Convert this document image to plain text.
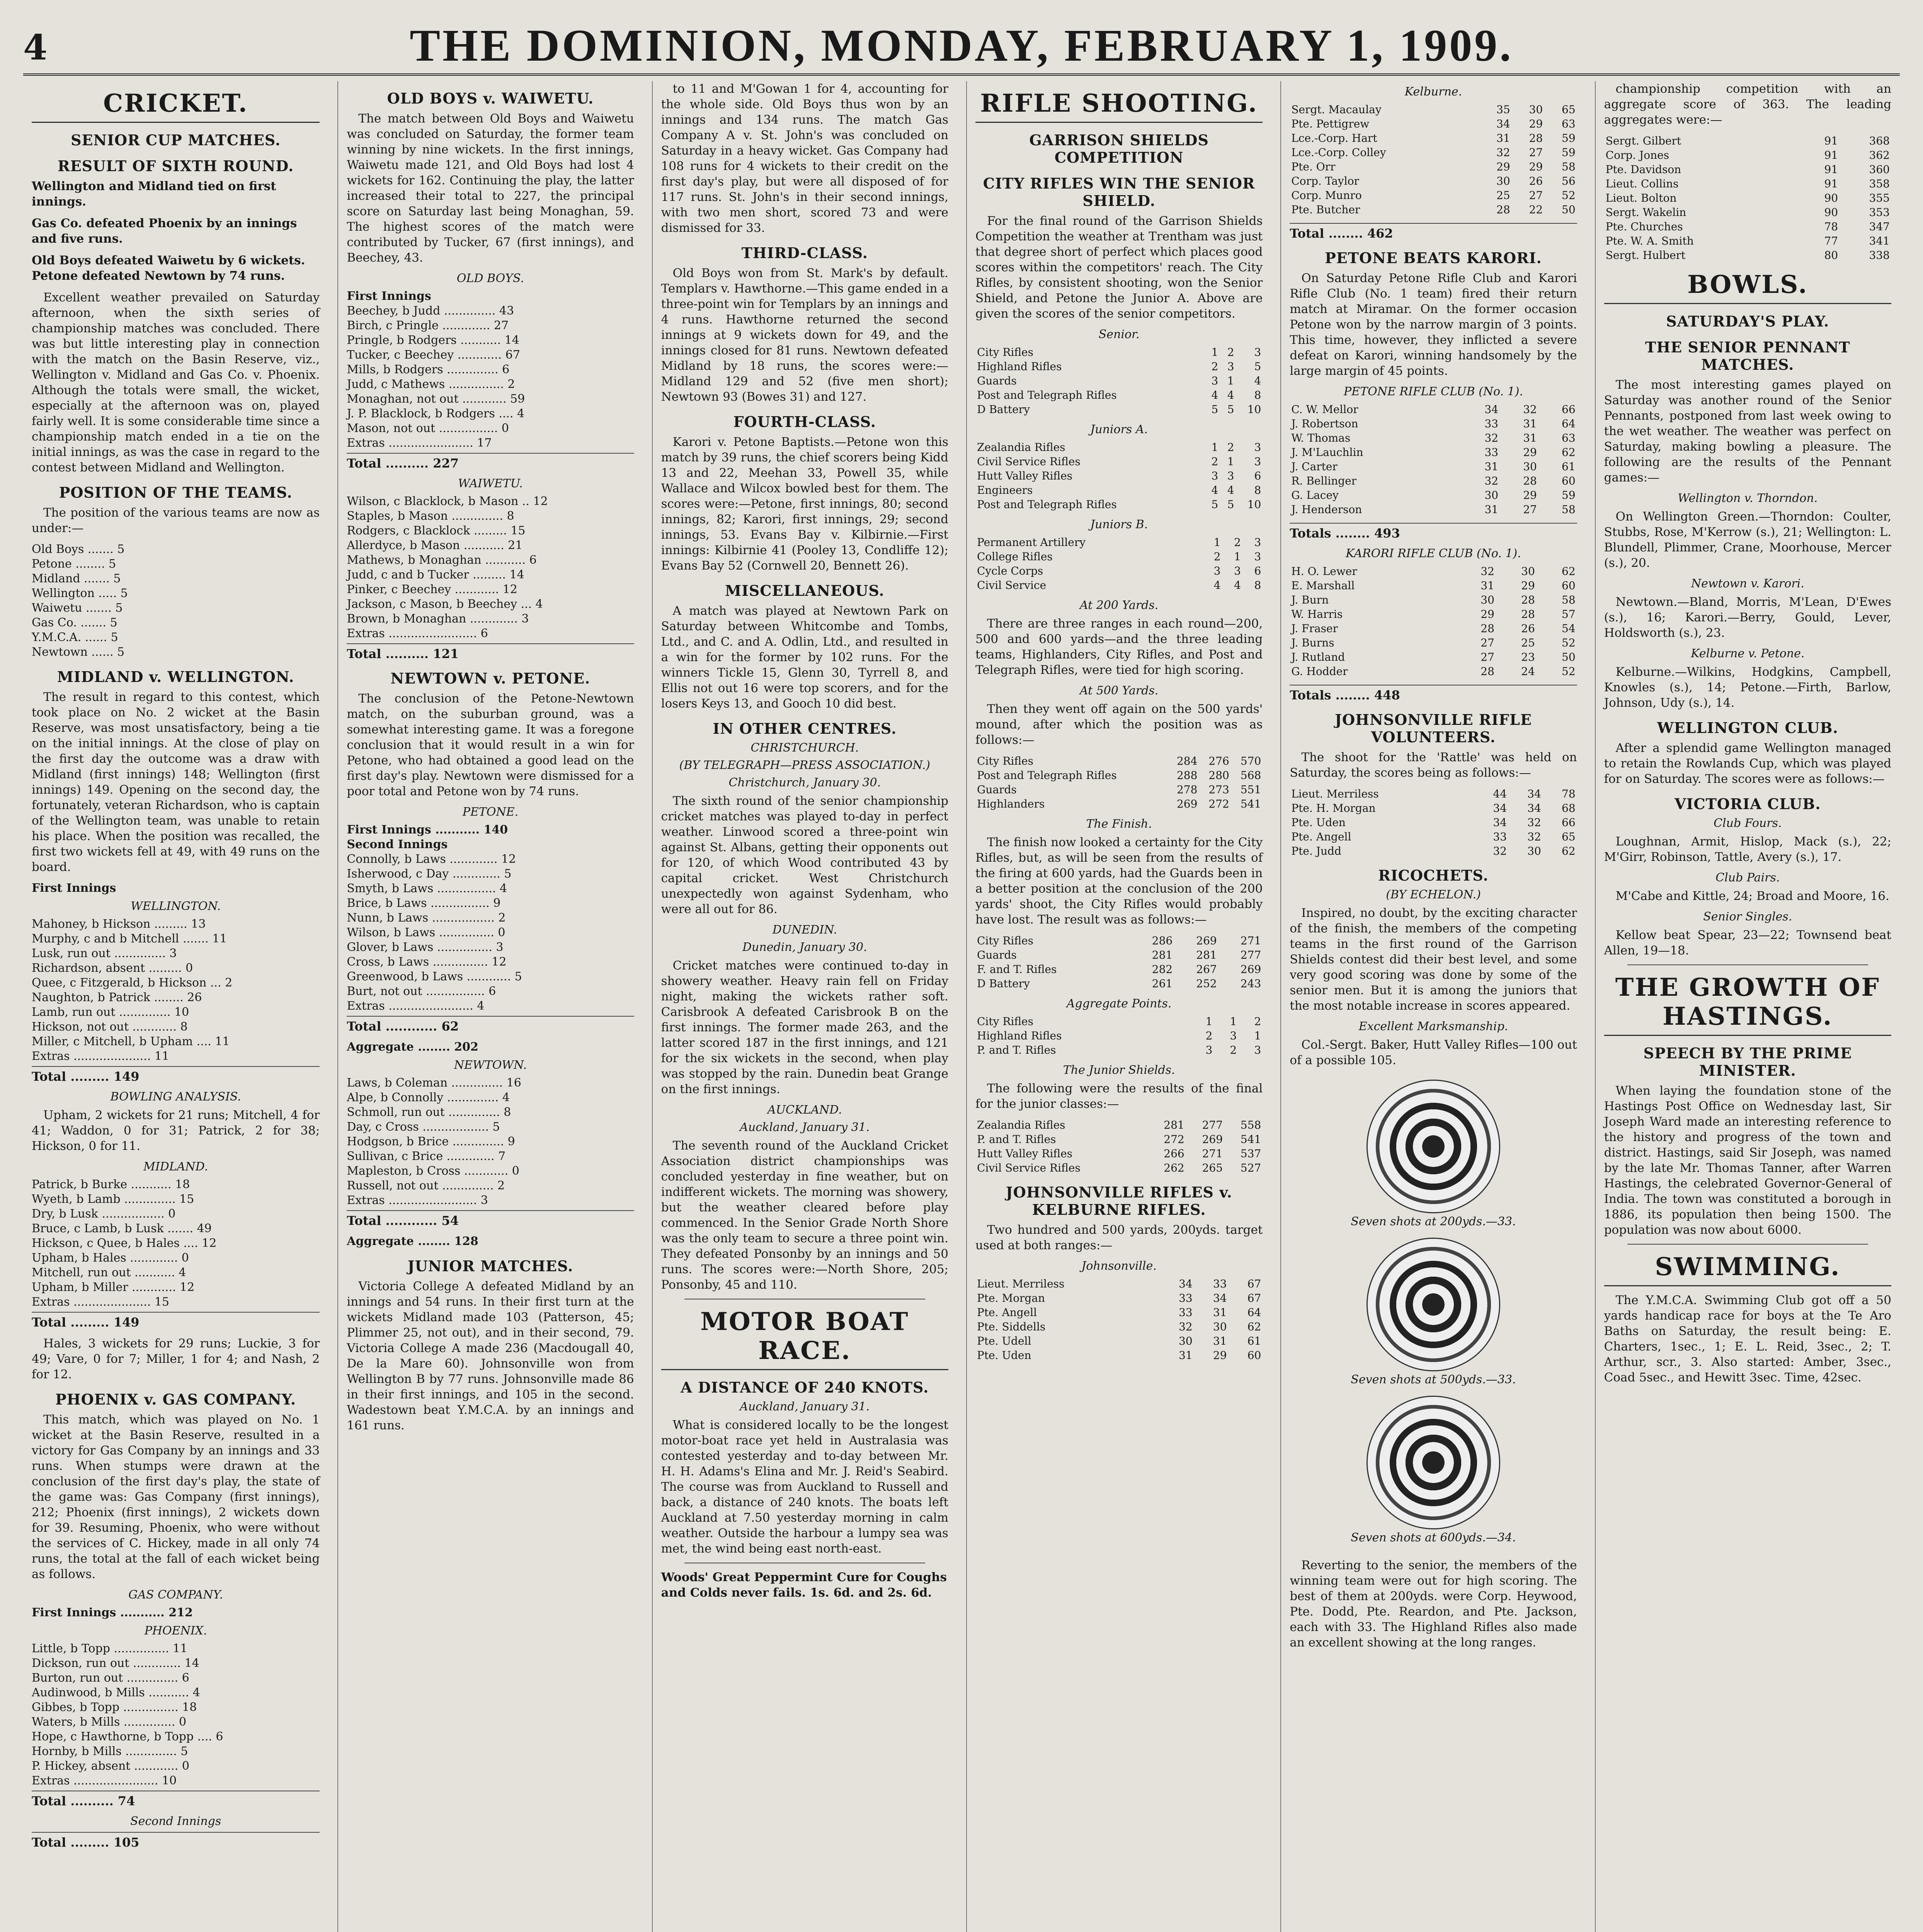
4	THE DOMINION, MONDAY, FEBRUARY 1, 1909.
CRICKET.
SENIOR CUP MATCHES.
RESULT OF SIXTH ROUND.
Wellington and Midland tied on first innings.
Gas Co. defeated Phoenix by an innings and five runs.
Old Boys defeated Waiwetu by 6 wickets. Petone defeated Newtown by 74 runs.
Excellent weather prevailed on Saturday afternoon, when the sixth series of championship matches was concluded. There was but little interesting play in connection with the match on the Basin Reserve, viz., Wellington v. Midland and Gas Co. v. Phoenix. Although the totals were small, the wicket, especially at the afternoon was on, played fairly well. It is some considerable time since a championship match ended in a tie on the initial innings, as was the case in regard to the contest between Midland and Wellington.
POSITION OF THE TEAMS.
The position of the various teams are now as under:—
Old Boys ....... 5
Petone ........ 5
Midland ....... 5
Wellington ..... 5
Waiwetu ....... 5
Gas Co. ....... 5
Y.M.C.A. ...... 5
Newtown ...... 5
MIDLAND v. WELLINGTON.
The result in regard to this contest, which took place on No. 2 wicket at the Basin Reserve, was most unsatisfactory, being a tie on the initial innings. At the close of play on the first day the outcome was a draw with Midland (first innings) 148; Wellington (first innings) 149. Opening on the second day, the fortunately, veteran Richardson, who is captain of the Wellington team, was unable to retain his place. When the position was recalled, the first two wickets fell at 49, with 49 runs on the board.
First Innings
WELLINGTON.
Mahoney, b Hickson ......... 13
Murphy, c and b Mitchell ....... 11
Lusk, run out .............. 3
Richardson, absent ......... 0
Quee, c Fitzgerald, b Hickson ... 2
Naughton, b Patrick ........ 26
Lamb, run out .............. 10
Hickson, not out ............ 8
Miller, c Mitchell, b Upham .... 11
Extras ..................... 11
Total ......... 149
BOWLING ANALYSIS.
Upham, 2 wickets for 21 runs; Mitchell, 4 for 41; Waddon, 0 for 31; Patrick, 2 for 38; Hickson, 0 for 11.
MIDLAND.
Patrick, b Burke ........... 18
Wyeth, b Lamb .............. 15
Dry, b Lusk ................. 0
Bruce, c Lamb, b Lusk ....... 49
Hickson, c Quee, b Hales .... 12
Upham, b Hales ............. 0
Mitchell, run out ........... 4
Upham, b Miller ............ 12
Extras ..................... 15
Total ......... 149
Hales, 3 wickets for 29 runs; Luckie, 3 for 49; Vare, 0 for 7; Miller, 1 for 4; and Nash, 2 for 12.
PHOENIX v. GAS COMPANY.
This match, which was played on No. 1 wicket at the Basin Reserve, resulted in a victory for Gas Company by an innings and 33 runs. When stumps were drawn at the conclusion of the first day's play, the state of the game was: Gas Company (first innings), 212; Phoenix (first innings), 2 wickets down for 39. Resuming, Phoenix, who were without the services of C. Hickey, made in all only 74 runs, the total at the fall of each wicket being as follows.
GAS COMPANY.
First Innings ........... 212
PHOENIX.
Little, b Topp ............... 11
Dickson, run out ............. 14
Burton, run out .............. 6
Audinwood, b Mills ........... 4
Gibbes, b Topp ............... 18
Waters, b Mills .............. 0
Hope, c Hawthorne, b Topp .... 6
Hornby, b Mills .............. 5
P. Hickey, absent ............ 0
Extras ....................... 10
Total .......... 74
Second Innings
Total ......... 105
OLD BOYS v. WAIWETU.
The match between Old Boys and Waiwetu was concluded on Saturday, the former team winning by nine wickets. In the first innings, Waiwetu made 121, and Old Boys had lost 4 wickets for 162. Continuing the play, the latter increased their total to 227, the principal score on Saturday last being Monaghan, 59. The highest scores of the match were contributed by Tucker, 67 (first innings), and Beechey, 43.
OLD BOYS.
First Innings
Beechey, b Judd .............. 43
Birch, c Pringle ............. 27
Pringle, b Rodgers ........... 14
Tucker, c Beechey ............ 67
Mills, b Rodgers .............. 6
Judd, c Mathews ............... 2
Monaghan, not out ............ 59
J. P. Blacklock, b Rodgers .... 4
Mason, not out ................ 0
Extras ....................... 17
Total .......... 227
WAIWETU.
Wilson, c Blacklock, b Mason .. 12
Staples, b Mason .............. 8
Rodgers, c Blacklock ......... 15
Allerdyce, b Mason ........... 21
Mathews, b Monaghan ........... 6
Judd, c and b Tucker ......... 14
Pinker, c Beechey ............ 12
Jackson, c Mason, b Beechey ... 4
Brown, b Monaghan ............. 3
Extras ........................ 6
Total .......... 121
NEWTOWN v. PETONE.
The conclusion of the Petone-Newtown match, on the suburban ground, was a somewhat interesting game. It was a foregone conclusion that it would result in a win for Petone, who had obtained a good lead on the first day's play. Newtown were dismissed for a poor total and Petone won by 74 runs.
PETONE.
First Innings ........... 140
Second Innings
Connolly, b Laws ............. 12
Isherwood, c Day ............. 5
Smyth, b Laws ................ 4
Brice, b Laws ................ 9
Nunn, b Laws ................. 2
Wilson, b Laws ............... 0
Glover, b Laws ............... 3
Cross, b Laws ............... 12
Greenwood, b Laws ............ 5
Burt, not out ................ 6
Extras ....................... 4
Total ............ 62
Aggregate ........ 202
NEWTOWN.
Laws, b Coleman .............. 16
Alpe, b Connolly .............. 4
Schmoll, run out .............. 8
Day, c Cross .................. 5
Hodgson, b Brice .............. 9
Sullivan, c Brice ............. 7
Mapleston, b Cross ............ 0
Russell, not out .............. 2
Extras ........................ 3
Total ............ 54
Aggregate ........ 128
JUNIOR MATCHES.
Victoria College A defeated Midland by an innings and 54 runs. In their first turn at the wickets Midland made 103 (Patterson, 45; Plimmer 25, not out), and in their second, 79. Victoria College A made 236 (Macdougall 40, De la Mare 60). Johnsonville won from Wellington B by 77 runs. Johnsonville made 86 in their first innings, and 105 in the second. Wadestown beat Y.M.C.A. by an innings and 161 runs.
to 11 and M'Gowan 1 for 4, accounting for the whole side. Old Boys thus won by an innings and 134 runs. The match Gas Company A v. St. John's was concluded on Saturday in a heavy wicket. Gas Company had 108 runs for 4 wickets to their credit on the first day's play, but were all disposed of for 117 runs. St. John's in their second innings, with two men short, scored 73 and were dismissed for 33.
THIRD-CLASS.
Old Boys won from St. Mark's by default. Templars v. Hawthorne.—This game ended in a three-point win for Templars by an innings and 4 runs. Hawthorne returned the second innings at 9 wickets down for 49, and the innings closed for 81 runs. Newtown defeated Midland by 18 runs, the scores were:—Midland 129 and 52 (five men short); Newtown 93 (Bowes 31) and 127.
FOURTH-CLASS.
Karori v. Petone Baptists.—Petone won this match by 39 runs, the chief scorers being Kidd 13 and 22, Meehan 33, Powell 35, while Wallace and Wilcox bowled best for them. The scores were:—Petone, first innings, 80; second innings, 82; Karori, first innings, 29; second innings, 53. Evans Bay v. Kilbirnie.—First innings: Kilbirnie 41 (Pooley 13, Condliffe 12); Evans Bay 52 (Cornwell 20, Bennett 26).
MISCELLANEOUS.
A match was played at Newtown Park on Saturday between Whitcombe and Tombs, Ltd., and C. and A. Odlin, Ltd., and resulted in a win for the former by 102 runs. For the winners Tickle 15, Glenn 30, Tyrrell 8, and Ellis not out 16 were top scorers, and for the losers Keys 13, and Gooch 10 did best.
IN OTHER CENTRES.
CHRISTCHURCH.
(BY TELEGRAPH—PRESS ASSOCIATION.)
Christchurch, January 30.
The sixth round of the senior championship cricket matches was played to-day in perfect weather. Linwood scored a three-point win against St. Albans, getting their opponents out for 120, of which Wood contributed 43 by capital cricket. West Christchurch unexpectedly won against Sydenham, who were all out for 86.
DUNEDIN.
Dunedin, January 30.
Cricket matches were continued to-day in showery weather. Heavy rain fell on Friday night, making the wickets rather soft. Carisbrook A defeated Carisbrook B on the first innings. The former made 263, and the latter scored 187 in the first innings, and 121 for the six wickets in the second, when play was stopped by the rain. Dunedin beat Grange on the first innings.
AUCKLAND.
Auckland, January 31.
The seventh round of the Auckland Cricket Association district championships was concluded yesterday in fine weather, but on indifferent wickets. The morning was showery, but the weather cleared before play commenced. In the Senior Grade North Shore was the only team to secure a three point win. They defeated Ponsonby by an innings and 50 runs. The scores were:—North Shore, 205; Ponsonby, 45 and 110.
MOTOR BOAT RACE.
A DISTANCE OF 240 KNOTS.
Auckland, January 31.
What is considered locally to be the longest motor-boat race yet held in Australasia was contested yesterday and to-day between Mr. H. H. Adams's Elina and Mr. J. Reid's Seabird. The course was from Auckland to Russell and back, a distance of 240 knots. The boats left Auckland at 7.50 yesterday morning in calm weather. Outside the harbour a lumpy sea was met, the wind being east north-east.
Woods' Great Peppermint Cure for Coughs and Colds never fails. 1s. 6d. and 2s. 6d.
RIFLE SHOOTING.
GARRISON SHIELDS COMPETITION
CITY RIFLES WIN THE SENIOR SHIELD.
For the final round of the Garrison Shields Competition the weather at Trentham was just that degree short of perfect which places good scores within the competitors' reach. The City Rifles, by consistent shooting, won the Senior Shield, and Petone the Junior A. Above are given the scores of the senior competitors.
Senior.
City Rifles	1	2	3
Highland Rifles	2	3	5
Guards	3	1	4
Post and Telegraph Rifles	4	4	8
D Battery	5	5	10
Juniors A.
Zealandia Rifles	1	2	3
Civil Service Rifles	2	1	3
Hutt Valley Rifles	3	3	6
Engineers	4	4	8
Post and Telegraph Rifles	5	5	10
Juniors B.
Permanent Artillery	1	2	3
College Rifles	2	1	3
Cycle Corps	3	3	6
Civil Service	4	4	8
At 200 Yards.
There are three ranges in each round—200, 500 and 600 yards—and the three leading teams, Highlanders, City Rifles, and Post and Telegraph Rifles, were tied for high scoring.
At 500 Yards.
Then they went off again on the 500 yards' mound, after which the position was as follows:—
City Rifles	284	276	570
Post and Telegraph Rifles	288	280	568
Guards	278	273	551
Highlanders	269	272	541
The Finish.
The finish now looked a certainty for the City Rifles, but, as will be seen from the results of the firing at 600 yards, had the Guards been in a better position at the conclusion of the 200 yards' shoot, the City Rifles would probably have lost. The result was as follows:—
City Rifles	286	269	271
Guards	281	281	277
F. and T. Rifles	282	267	269
D Battery	261	252	243
Aggregate Points.
City Rifles	1	1	2
Highland Rifles	2	3	1
P. and T. Rifles	3	2	3
The Junior Shields.
The following were the results of the final for the junior classes:—
Zealandia Rifles	281	277	558
P. and T. Rifles	272	269	541
Hutt Valley Rifles	266	271	537
Civil Service Rifles	262	265	527
JOHNSONVILLE RIFLES v. KELBURNE RIFLES.
Two hundred and 500 yards, 200yds. target used at both ranges:—
Johnsonville.
Lieut. Merriless	34	33	67
Pte. Morgan	33	34	67
Pte. Angell	33	31	64
Pte. Siddells	32	30	62
Pte. Udell	30	31	61
Pte. Uden	31	29	60
Kelburne.
Sergt. Macaulay	35	30	65
Pte. Pettigrew	34	29	63
Lce.-Corp. Hart	31	28	59
Lce.-Corp. Colley	32	27	59
Pte. Orr	29	29	58
Corp. Taylor	30	26	56
Corp. Munro	25	27	52
Pte. Butcher	28	22	50
Total ........ 462
PETONE BEATS KARORI.
On Saturday Petone Rifle Club and Karori Rifle Club (No. 1 team) fired their return match at Miramar. On the former occasion Petone won by the narrow margin of 3 points. This time, however, they inflicted a severe defeat on Karori, winning handsomely by the large margin of 45 points.
PETONE RIFLE CLUB (No. 1).
C. W. Mellor	34	32	66
J. Robertson	33	31	64
W. Thomas	32	31	63
J. M'Lauchlin	33	29	62
J. Carter	31	30	61
R. Bellinger	32	28	60
G. Lacey	30	29	59
J. Henderson	31	27	58
Totals ........ 493
KARORI RIFLE CLUB (No. 1).
H. O. Lewer	32	30	62
E. Marshall	31	29	60
J. Burn	30	28	58
W. Harris	29	28	57
J. Fraser	28	26	54
J. Burns	27	25	52
J. Rutland	27	23	50
G. Hodder	28	24	52
Totals ........ 448
JOHNSONVILLE RIFLE VOLUNTEERS.
The shoot for the 'Rattle' was held on Saturday, the scores being as follows:—
Lieut. Merriless	44	34	78
Pte. H. Morgan	34	34	68
Pte. Uden	34	32	66
Pte. Angell	33	32	65
Pte. Judd	32	30	62
RICOCHETS.
(BY ECHELON.)
Inspired, no doubt, by the exciting character of the finish, the members of the competing teams in the first round of the Garrison Shields contest did their best level, and some very good scoring was done by some of the senior men. But it is among the juniors that the most notable increase in scores appeared.
Excellent Marksmanship.
Col.-Sergt. Baker, Hutt Valley Rifles—100 out of a possible 105.
Seven shots at 200yds.—33.
Seven shots at 500yds.—33.
Seven shots at 600yds.—34.
Reverting to the senior, the members of the winning team were out for high scoring. The best of them at 200yds. were Corp. Heywood, Pte. Dodd, Pte. Reardon, and Pte. Jackson, each with 33. The Highland Rifles also made an excellent showing at the long ranges.
championship competition with an aggregate score of 363. The leading aggregates were:—
Sergt. Gilbert	91	368
Corp. Jones	91	362
Pte. Davidson	91	360
Lieut. Collins	91	358
Lieut. Bolton	90	355
Sergt. Wakelin	90	353
Pte. Churches	78	347
Pte. W. A. Smith	77	341
Sergt. Hulbert	80	338
BOWLS.
SATURDAY'S PLAY.
THE SENIOR PENNANT MATCHES.
The most interesting games played on Saturday was another round of the Senior Pennants, postponed from last week owing to the wet weather. The weather was perfect on Saturday, making bowling a pleasure. The following are the results of the Pennant games:—
Wellington v. Thorndon.
On Wellington Green.—Thorndon: Coulter, Stubbs, Rose, M'Kerrow (s.), 21; Wellington: L. Blundell, Plimmer, Crane, Moorhouse, Mercer (s.), 20.
Newtown v. Karori.
Newtown.—Bland, Morris, M'Lean, D'Ewes (s.), 16; Karori.—Berry, Gould, Lever, Holdsworth (s.), 23.
Kelburne v. Petone.
Kelburne.—Wilkins, Hodgkins, Campbell, Knowles (s.), 14; Petone.—Firth, Barlow, Johnson, Udy (s.), 14.
WELLINGTON CLUB.
After a splendid game Wellington managed to retain the Rowlands Cup, which was played for on Saturday. The scores were as follows:—
VICTORIA CLUB.
Club Fours.
Loughnan, Armit, Hislop, Mack (s.), 22; M'Girr, Robinson, Tattle, Avery (s.), 17.
Club Pairs.
M'Cabe and Kittle, 24; Broad and Moore, 16.
Senior Singles.
Kellow beat Spear, 23—22; Townsend beat Allen, 19—18.
THE GROWTH OF HASTINGS.
SPEECH BY THE PRIME MINISTER.
When laying the foundation stone of the Hastings Post Office on Wednesday last, Sir Joseph Ward made an interesting reference to the history and progress of the town and district. Hastings, said Sir Joseph, was named by the late Mr. Thomas Tanner, after Warren Hastings, the celebrated Governor-General of India. The town was constituted a borough in 1886, its population then being 1500. The population was now about 6000.
SWIMMING.
The Y.M.C.A. Swimming Club got off a 50 yards handicap race for boys at the Te Aro Baths on Saturday, the result being: E. Charters, 1sec., 1; E. L. Reid, 3sec., 2; T. Arthur, scr., 3. Also started: Amber, 3sec., Coad 5sec., and Hewitt 3sec. Time, 42sec.
